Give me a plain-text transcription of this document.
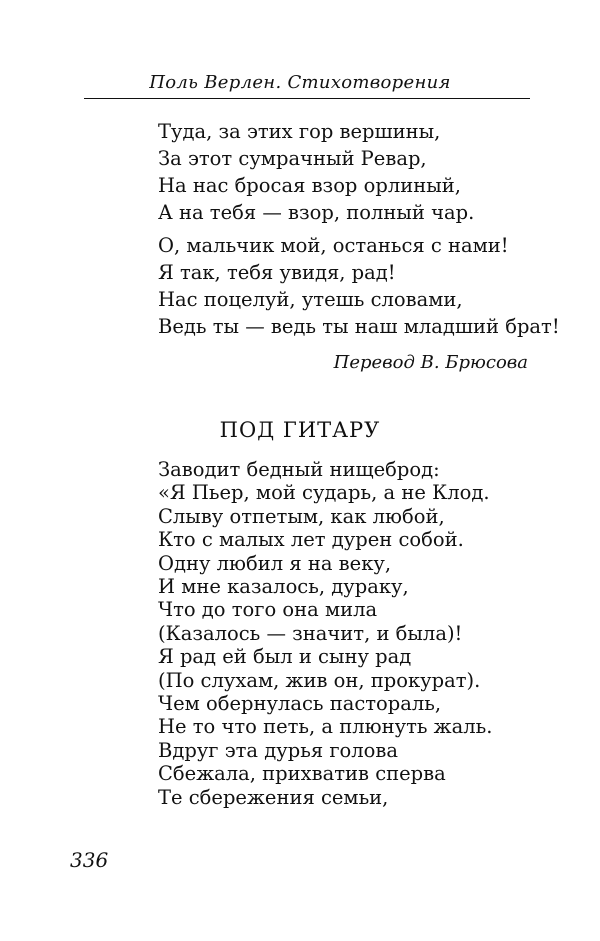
Поль Верлен. Стихотворения
Туда, за этих гор вершины,
За этот сумрачный Ревар,
На нас бросая взор орлиный,
А на тебя — взор, полный чар.
О, мальчик мой, останься с нами!
Я так, тебя увидя, рад!
Нас поцелуй, утешь словами,
Ведь ты — ведь ты наш младший брат!
Перевод В. Брюсова
ПОД ГИТАРУ
Заводит бедный нищеброд:
«Я Пьер, мой сударь, а не Клод.
Слыву отпетым, как любой,
Кто с малых лет дурен собой.
Одну любил я на веку,
И мне казалось, дураку,
Что до того она мила
(Казалось — значит, и была)!
Я рад ей был и сыну рад
(По слухам, жив он, прокурат).
Чем обернулась пастораль,
Не то что петь, а плюнуть жаль.
Вдруг эта дурья голова
Сбежала, прихватив сперва
Те сбережения семьи,
336
